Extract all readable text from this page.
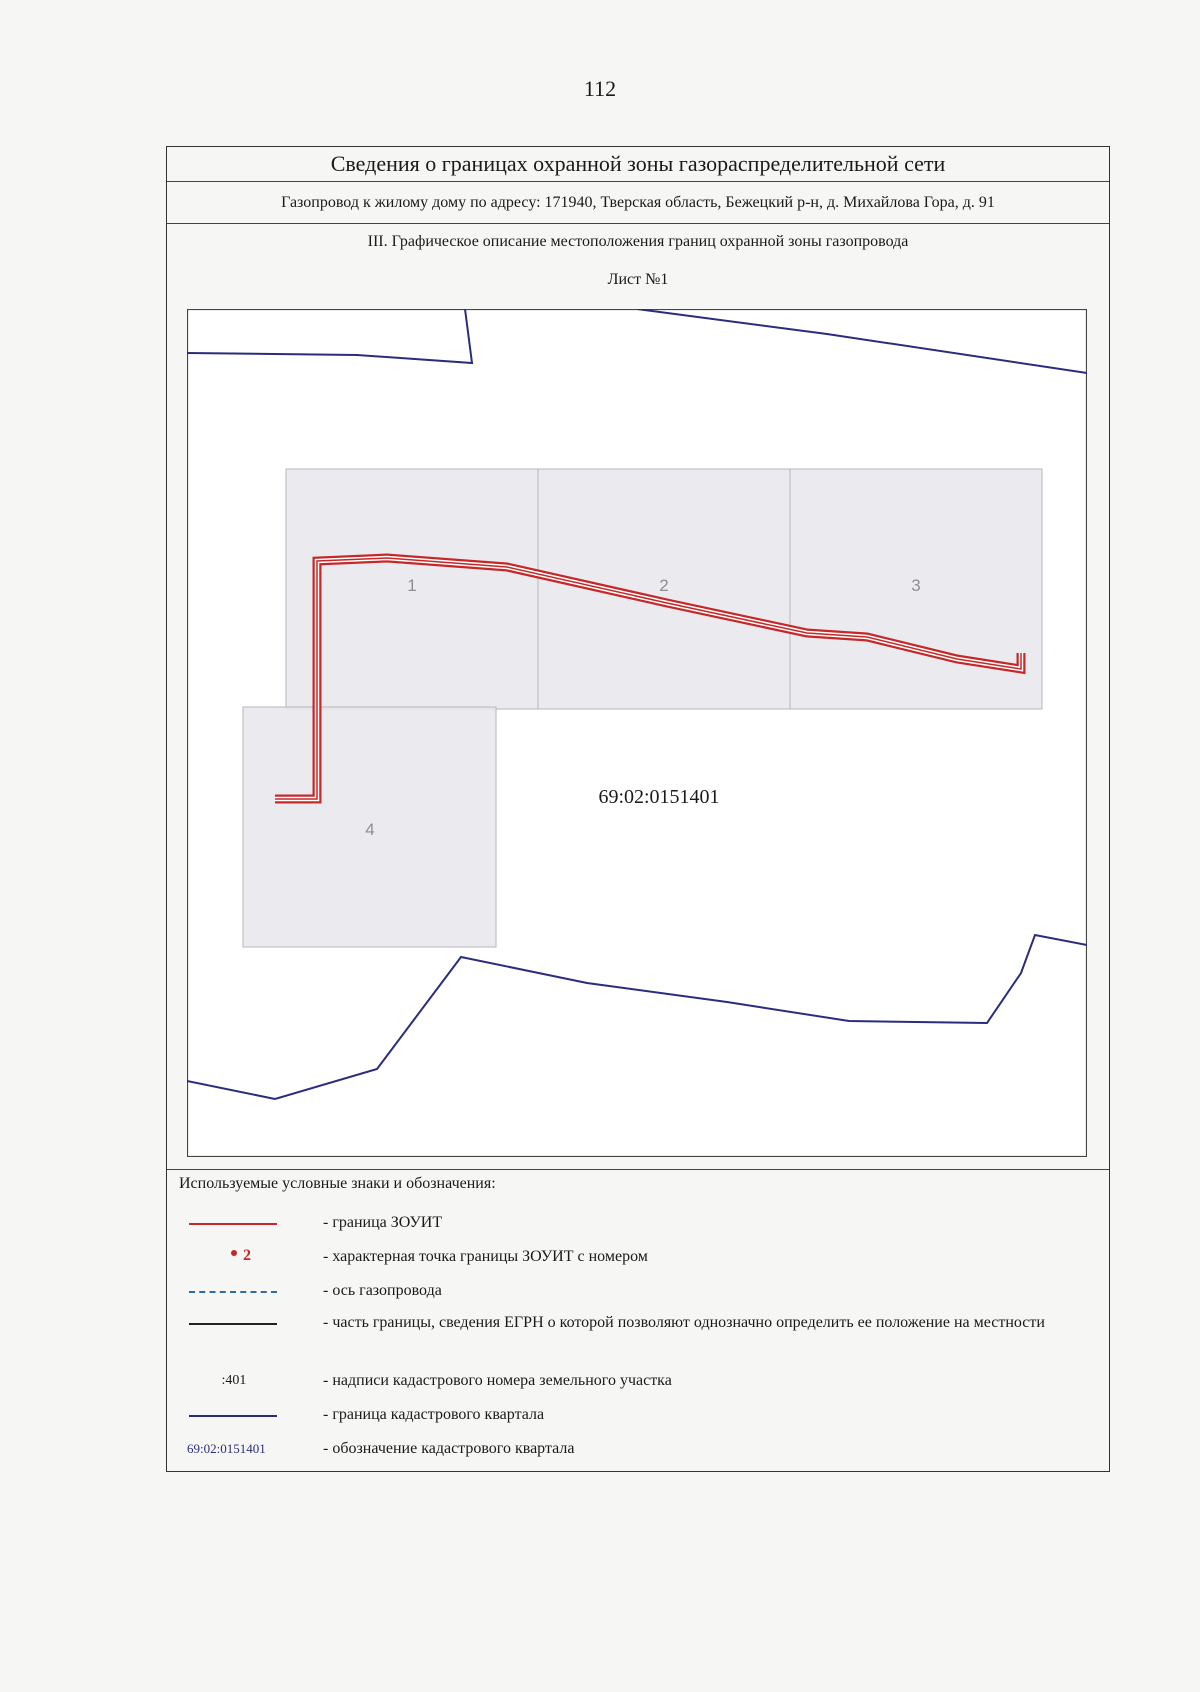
112
Сведения о границах охранной зоны газораспределительной сети
Газопровод к жилому дому по адресу: 171940, Тверская область, Бежецкий р-н, д. Михайлова Гора, д. 91
III. Графическое описание местоположения границ охранной зоны газопровода
Лист №1
1	2	3
4
69:02:0151401
Используемые условные знаки и обозначения:
- граница ЗОУИТ
2	- характерная точка границы ЗОУИТ с номером
- ось газопровода
- часть границы, сведения ЕГРН о которой позволяют однозначно определить ее положение на местности
:401	- надписи кадастрового номера земельного участка
- граница кадастрового квартала
69:02:0151401	- обозначение кадастрового квартала
